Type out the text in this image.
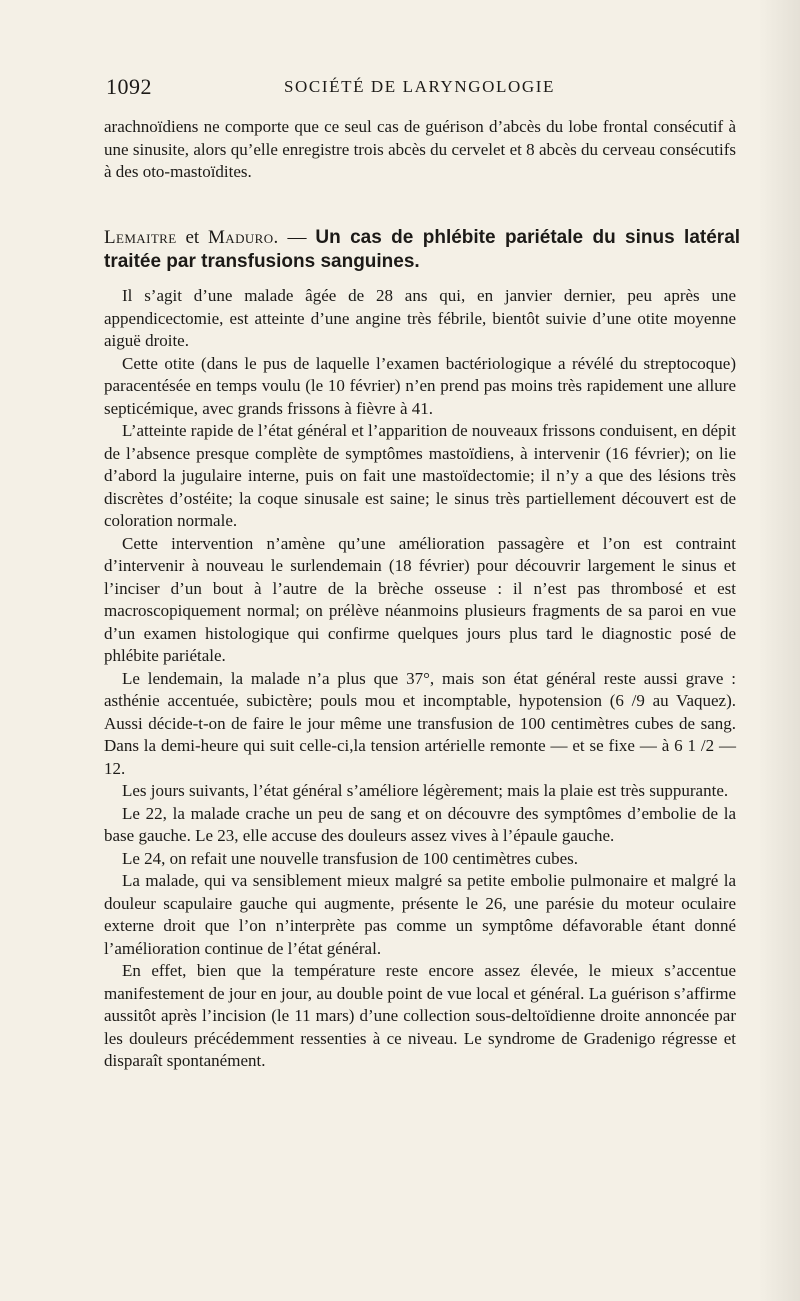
1092	SOCIÉTÉ DE LARYNGOLOGIE

arachnoïdiens ne comporte que ce seul cas de guérison d’abcès du lobe frontal consécutif à une sinusite, alors qu’elle enregistre trois abcès du cervelet et 8 abcès du cerveau consécutifs à des oto-mastoïdites.

Lemaitre et Maduro. — Un cas de phlébite pariétale du sinus latéral traitée par transfusions sanguines.

Il s’agit d’une malade âgée de 28 ans qui, en janvier dernier, peu après une appendicectomie, est atteinte d’une angine très fébrile, bientôt suivie d’une otite moyenne aiguë droite.

Cette otite (dans le pus de laquelle l’examen bactériologique a révélé du streptocoque) paracentésée en temps voulu (le 10 février) n’en prend pas moins très rapidement une allure septicémique, avec grands frissons à fièvre à 41.

L’atteinte rapide de l’état général et l’apparition de nouveaux frissons conduisent, en dépit de l’absence presque complète de symptômes mastoïdiens, à intervenir (16 février); on lie d’abord la jugulaire interne, puis on fait une mastoïdectomie; il n’y a que des lésions très discrètes d’ostéite; la coque sinusale est saine; le sinus très partiellement découvert est de coloration normale.

Cette intervention n’amène qu’une amélioration passagère et l’on est contraint d’intervenir à nouveau le surlendemain (18 février) pour découvrir largement le sinus et l’inciser d’un bout à l’autre de la brèche osseuse : il n’est pas thrombosé et est macroscopiquement normal; on prélève néanmoins plusieurs fragments de sa paroi en vue d’un examen histologique qui confirme quelques jours plus tard le diagnostic posé de phlébite pariétale.

Le lendemain, la malade n’a plus que 37°, mais son état général reste aussi grave : asthénie accentuée, subictère; pouls mou et incomptable, hypotension (6 /9 au Vaquez). Aussi décide-t-on de faire le jour même une transfusion de 100 centimètres cubes de sang. Dans la demi-heure qui suit celle-ci,la tension artérielle remonte — et se fixe — à 6 1 /2 — 12.

Les jours suivants, l’état général s’améliore légèrement; mais la plaie est très suppurante.

Le 22, la malade crache un peu de sang et on découvre des symptômes d’embolie de la base gauche. Le 23, elle accuse des douleurs assez vives à l’épaule gauche.

Le 24, on refait une nouvelle transfusion de 100 centimètres cubes.

La malade, qui va sensiblement mieux malgré sa petite embolie pulmonaire et malgré la douleur scapulaire gauche qui augmente, présente le 26, une parésie du moteur oculaire externe droit que l’on n’interprète pas comme un symptôme défavorable étant donné l’amélioration continue de l’état général.

En effet, bien que la température reste encore assez élevée, le mieux s’accentue manifestement de jour en jour, au double point de vue local et général. La guérison s’affirme aussitôt après l’incision (le 11 mars) d’une collection sous-deltoïdienne droite annoncée par les douleurs précédemment ressenties à ce niveau. Le syndrome de Gradenigo régresse et disparaît spontanément.
